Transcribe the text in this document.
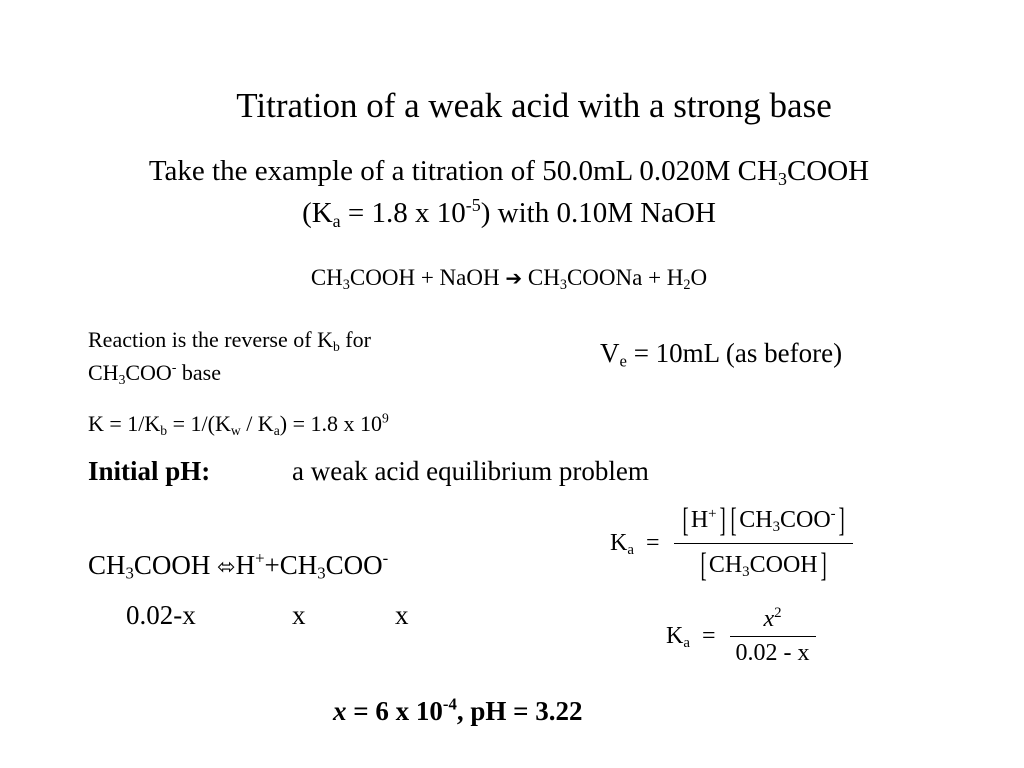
Titration of a weak acid with a strong base
Take the example of a titration of 50.0mL 0.020M $CH_3COOH$
($K_a = 1.8$ x $10^{-5}$) with 0.10M NaOH
$CH_3COOH$ + NaOH ➔ $CH_3COONa + H_2O$
Reaction is the reverse of $K_b$ for
$CH_3COO^-$ base
$V_e = 10mL$ (as before)
$K = 1/K_b = 1/(K_w / K_a) = 1.8$ x $10^9$
Initial pH:	a weak acid equilibrium problem
$CH_3COOH$ $⬄H^++CH_3COO^-$
0.02-x	x	x
$K_a = \frac{[ H^+] [ CH_3COO^-]}{[ CH_3COOH]}$
$K_a = \frac{x^2}{0.02 - x}$
x = 6 x $10^{-4}$, pH = 3.22
